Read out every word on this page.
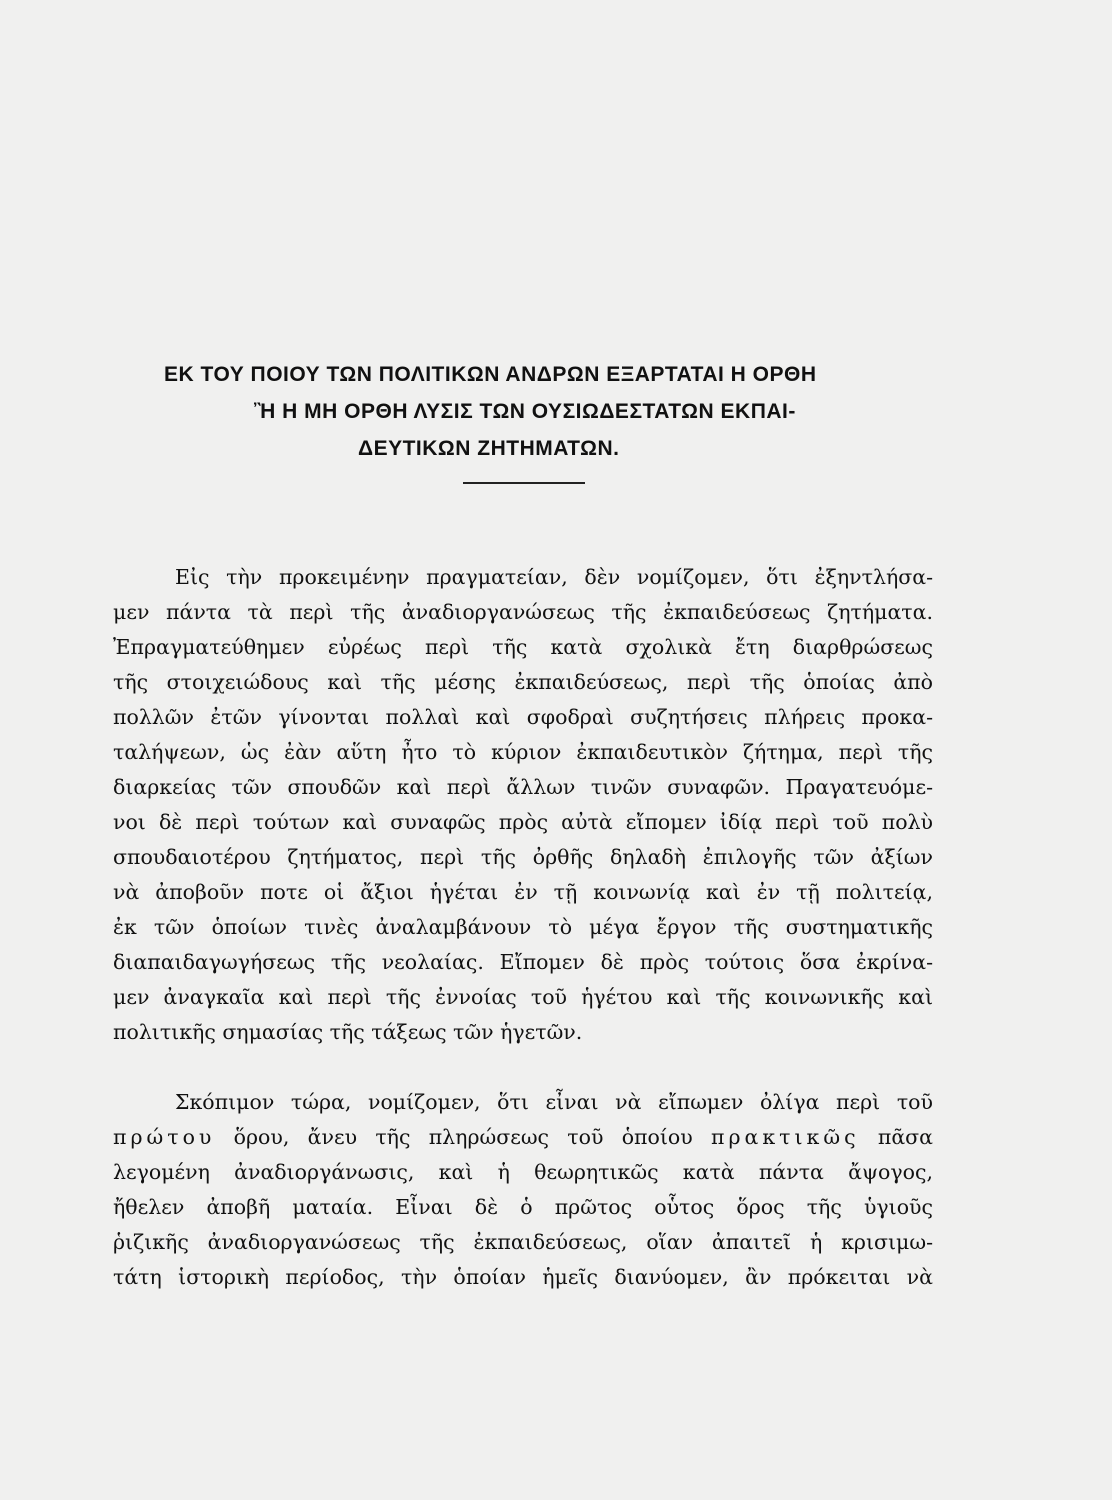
ΕΚ ΤΟΥ ΠΟΙΟΥ ΤΩΝ ΠΟΛΙΤΙΚΩΝ ΑΝΔΡΩΝ ΕΞΑΡΤΑΤΑΙ Η ΟΡΘΗ
Ἢ Η ΜΗ ΟΡΘΗ ΛΥΣΙΣ ΤΩΝ ΟΥΣΙΩΔΕΣΤΑΤΩΝ ΕΚΠΑΙ-
ΔΕΥΤΙΚΩΝ ΖΗΤΗΜΑΤΩΝ.
Εἰς τὴν προκειμένην πραγματείαν, δὲν νομίζομεν, ὅτι ἐξηντλήσα-
μεν πάντα τὰ περὶ τῆς ἀναδιοργανώσεως τῆς ἐκπαιδεύσεως ζητήματα.
Ἐπραγματεύθημεν εὐρέως περὶ τῆς κατὰ σχολικὰ ἔτη διαρθρώσεως
τῆς στοιχειώδους καὶ τῆς μέσης ἐκπαιδεύσεως, περὶ τῆς ὁποίας ἀπὸ
πολλῶν ἐτῶν γίνονται πολλαὶ καὶ σφοδραὶ συζητήσεις πλήρεις προκα-
ταλήψεων, ὡς ἐὰν αὕτη ἦτο τὸ κύριον ἐκπαιδευτικὸν ζήτημα, περὶ τῆς
διαρκείας τῶν σπουδῶν καὶ περὶ ἄλλων τινῶν συναφῶν. Πραγατευόμε-
νοι δὲ περὶ τούτων καὶ συναφῶς πρὸς αὐτὰ εἴπομεν ἰδίᾳ περὶ τοῦ πολὺ
σπουδαιοτέρου ζητήματος, περὶ τῆς ὀρθῆς δηλαδὴ ἐπιλογῆς τῶν ἀξίων
νὰ ἀποβοῦν ποτε οἱ ἄξιοι ἡγέται ἐν τῇ κοινωνίᾳ καὶ ἐν τῇ πολιτείᾳ,
ἐκ τῶν ὁποίων τινὲς ἀναλαμβάνουν τὸ μέγα ἔργον τῆς συστηματικῆς
διαπαιδαγωγήσεως τῆς νεολαίας. Εἴπομεν δὲ πρὸς τούτοις ὅσα ἐκρίνα-
μεν ἀναγκαῖα καὶ περὶ τῆς ἐννοίας τοῦ ἡγέτου καὶ τῆς κοινωνικῆς καὶ
πολιτικῆς σημασίας τῆς τάξεως τῶν ἡγετῶν.
Σκόπιμον τώρα, νομίζομεν, ὅτι εἶναι νὰ εἴπωμεν ὀλίγα περὶ τοῦ
πρώτου ὅρου, ἄνευ τῆς πληρώσεως τοῦ ὁποίου πρακτικῶς πᾶσα
λεγομένη ἀναδιοργάνωσις, καὶ ἡ θεωρητικῶς κατὰ πάντα ἄψογος,
ἤθελεν ἀποβῆ ματαία. Εἶναι δὲ ὁ πρῶτος οὗτος ὅρος τῆς ὑγιοῦς
ῥιζικῆς ἀναδιοργανώσεως τῆς ἐκπαιδεύσεως, οἵαν ἀπαιτεῖ ἡ κρισιμω-
τάτη ἱστορικὴ περίοδος, τὴν ὁποίαν ἡμεῖς διανύομεν, ἂν πρόκειται νὰ
